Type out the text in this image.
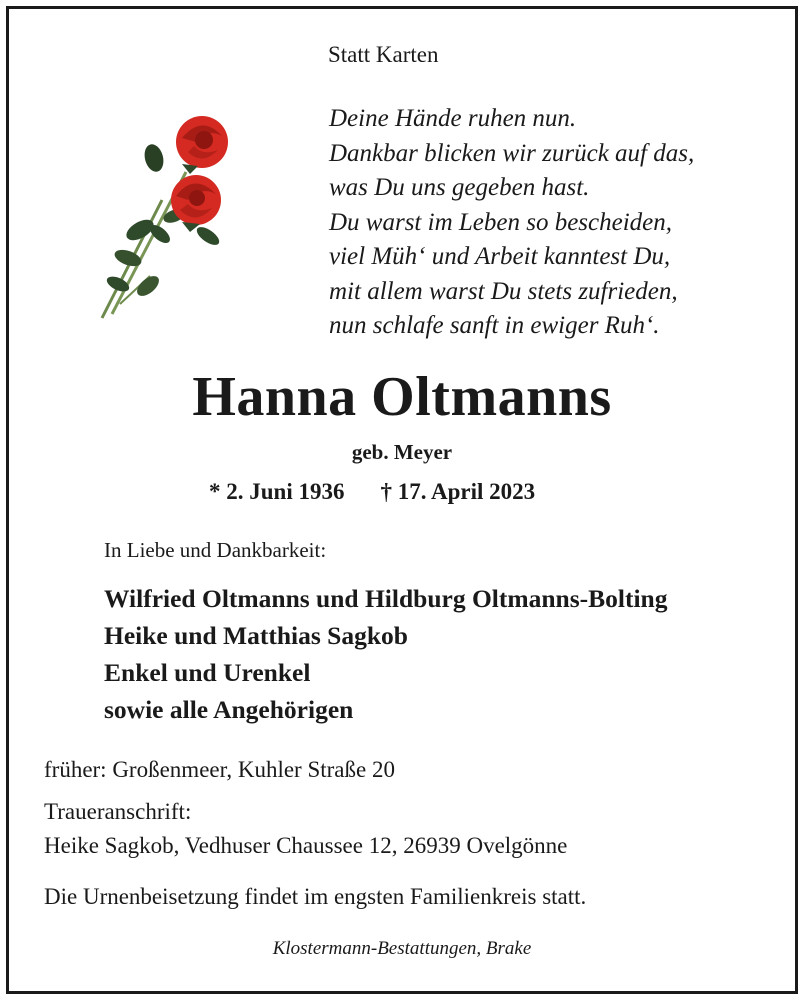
Statt Karten
Deine Hände ruhen nun.
Dankbar blicken wir zurück auf das,
was Du uns gegeben hast.
Du warst im Leben so bescheiden,
viel Müh‘ und Arbeit kanntest Du,
mit allem warst Du stets zufrieden,
nun schlafe sanft in ewiger Ruh‘.
Hanna Oltmanns
geb. Meyer
* 2. Juni 1936 † 17. April 2023
In Liebe und Dankbarkeit:
Wilfried Oltmanns und Hildburg Oltmanns-Bolting
Heike und Matthias Sagkob
Enkel und Urenkel
sowie alle Angehörigen
früher: Großenmeer, Kuhler Straße 20
Traueranschrift:
Heike Sagkob, Vedhuser Chaussee 12, 26939 Ovelgönne
Die Urnenbeisetzung findet im engsten Familienkreis statt.
Klostermann-Bestattungen, Brake
